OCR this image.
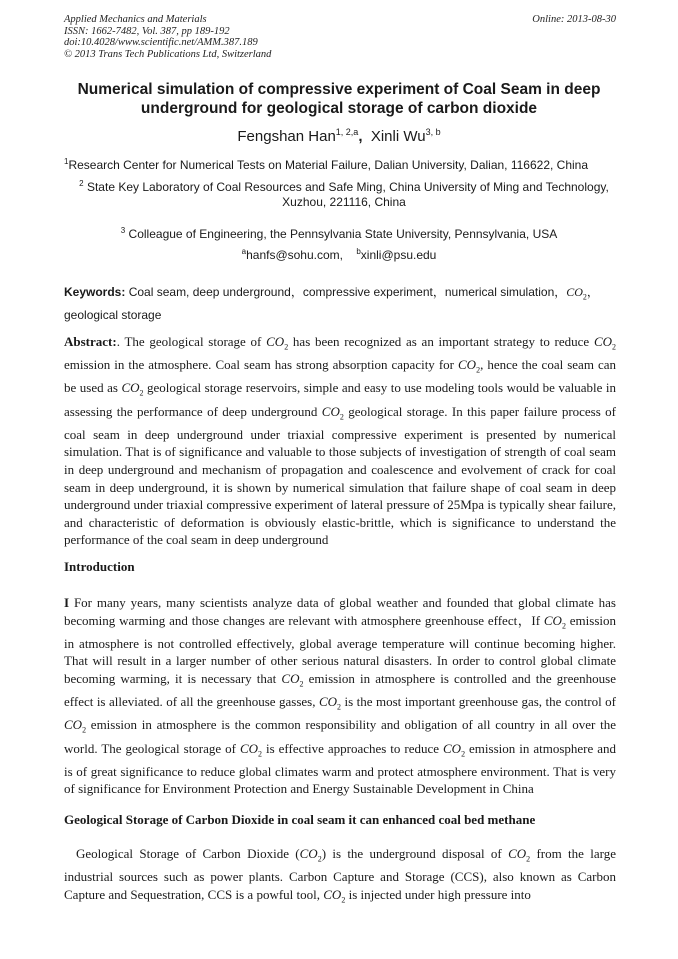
Applied Mechanics and Materials
ISSN: 1662-7482, Vol. 387, pp 189-192
doi:10.4028/www.scientific.net/AMM.387.189
© 2013 Trans Tech Publications Ltd, Switzerland
Online: 2013-08-30
Numerical simulation of compressive experiment of Coal Seam in deep underground for geological storage of carbon dioxide
Fengshan Han$^{1, 2,a}$, Xinli Wu$^{3, b}$
$^1$Research Center for Numerical Tests on Material Failure, Dalian University, Dalian, 116622, China
$^2$ State Key Laboratory of Coal Resources and Safe Ming, China University of Ming and Technology,
Xuzhou, 221116, China
$^3$ Colleague of Engineering, the Pennsylvania State University, Pennsylvania, USA
$^a$hanfs@sohu.com, $^b$xinli@psu.edu
Keywords: Coal seam, deep underground，compressive experiment，numerical simulation，$CO_2$，
geological storage
Abstract:. The geological storage of $CO_2$ has been recognized as an important strategy to reduce $CO_2$ emission in the atmosphere. Coal seam has strong absorption capacity for $CO_2$, hence the coal seam can be used as $CO_2$ geological storage reservoirs, simple and easy to use modeling tools would be valuable in assessing the performance of deep underground $CO_2$ geological storage. In this paper failure process of coal seam in deep underground under triaxial compressive experiment is presented by numerical simulation. That is of significance and valuable to those subjects of investigation of strength of coal seam in deep underground and mechanism of propagation and coalescence and evolvement of crack for coal seam in deep underground, it is shown by numerical simulation that failure shape of coal seam in deep underground under triaxial compressive experiment of lateral pressure of 25Mpa is typically shear failure, and characteristic of deformation is obviously elastic-brittle, which is significance to understand the performance of the coal seam in deep underground
Introduction
I For many years, many scientists analyze data of global weather and founded that global climate has becoming warming and those changes are relevant with atmosphere greenhouse effect，If $CO_2$ emission in atmosphere is not controlled effectively, global average temperature will continue becoming higher. That will result in a larger number of other serious natural disasters. In order to control global climate becoming warming, it is necessary that $CO_2$ emission in atmosphere is controlled and the greenhouse effect is alleviated. of all the greenhouse gasses, $CO_2$ is the most important greenhouse gas, the control of $CO_2$ emission in atmosphere is the common responsibility and obligation of all country in all over the world. The geological storage of $CO_2$ is effective approaches to reduce $CO_2$ emission in atmosphere and is of great significance to reduce global climates warm and protect atmosphere environment. That is very of significance for Environment Protection and Energy Sustainable Development in China
Geological Storage of Carbon Dioxide in coal seam it can enhanced coal bed methane
Geological Storage of Carbon Dioxide $(CO_2)$ is the underground disposal of $CO_2$ from the large industrial sources such as power plants. Carbon Capture and Storage (CCS), also known as Carbon Capture and Sequestration, CCS is a powful tool, $CO_2$ is injected under high pressure into
